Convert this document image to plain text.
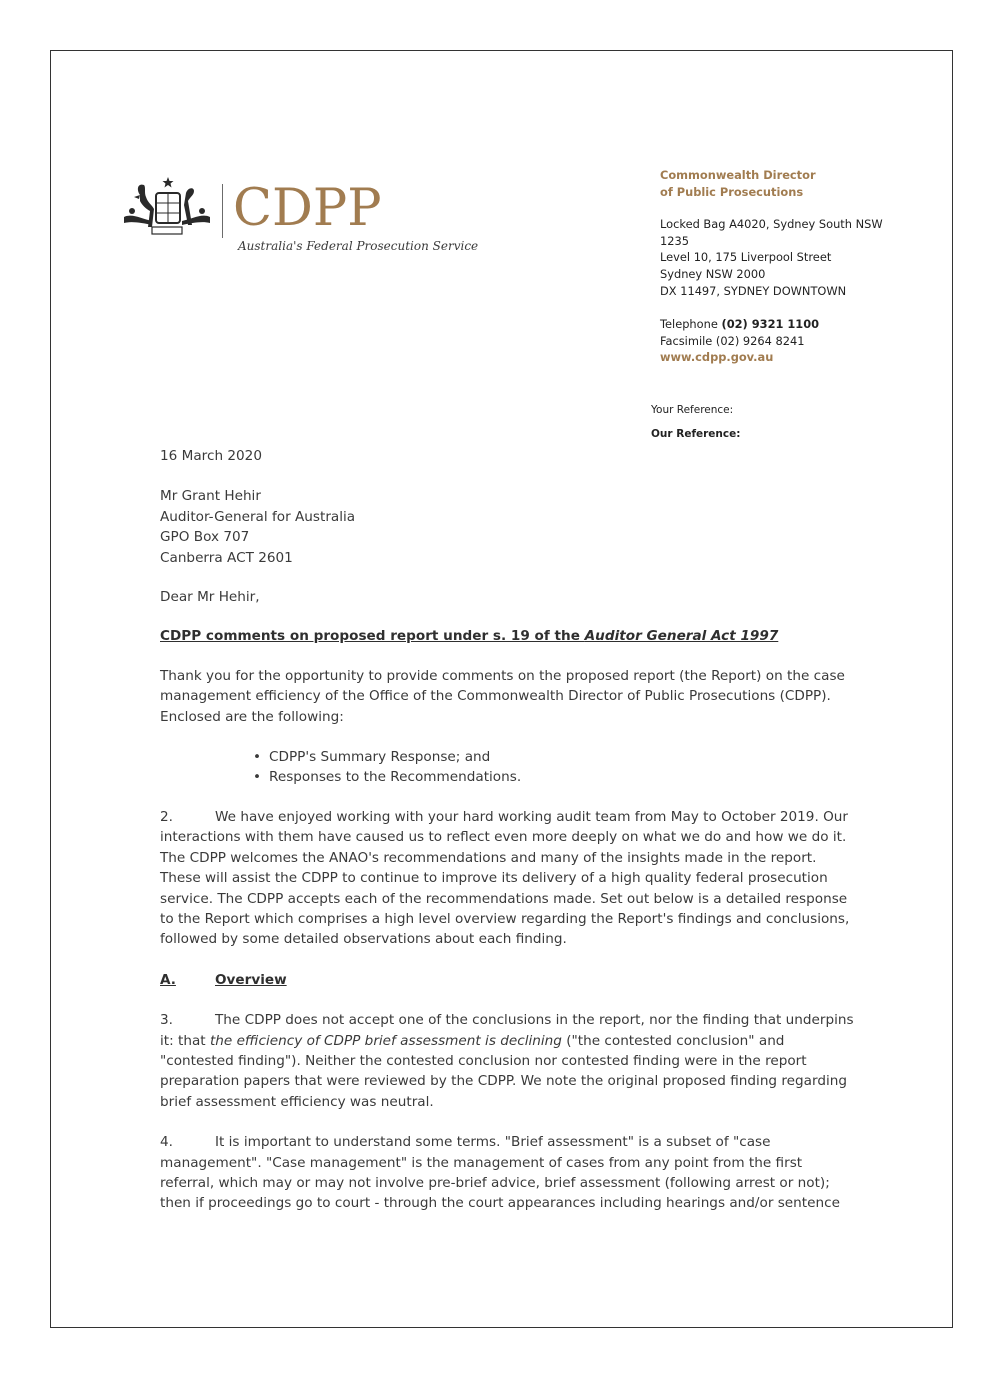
CDPP
Australia's Federal Prosecution Service

Commonwealth Director

of Public Prosecutions

Locked Bag A4020, Sydney South NSW

1235

Level 10, 175 Liverpool Street

Sydney NSW 2000

DX 11497, SYDNEY DOWNTOWN

Telephone (02) 9321 1100

Facsimile (02) 9264 8241

www.cdpp.gov.au

Your Reference:
Our Reference:

16 March 2020

Mr Grant Hehir

Auditor-General for Australia

GPO Box 707

Canberra ACT 2601

Dear Mr Hehir,

CDPP comments on proposed report under s. 19 of the Auditor General Act 1997

Thank you for the opportunity to provide comments on the proposed report (the Report) on the case management efficiency of the Office of the Commonwealth Director of Public Prosecutions (CDPP). Enclosed are the following:

• CDPP's Summary Response; and
• Responses to the Recommendations.

2.	We have enjoyed working with your hard working audit team from May to October 2019. Our interactions with them have caused us to reflect even more deeply on what we do and how we do it. The CDPP welcomes the ANAO's recommendations and many of the insights made in the report. These will assist the CDPP to continue to improve its delivery of a high quality federal prosecution service. The CDPP accepts each of the recommendations made. Set out below is a detailed response to the Report which comprises a high level overview regarding the Report's findings and conclusions, followed by some detailed observations about each finding.

A.	Overview

3.	The CDPP does not accept one of the conclusions in the report, nor the finding that underpins it: that the efficiency of CDPP brief assessment is declining ("the contested conclusion" and "contested finding"). Neither the contested conclusion nor contested finding were in the report preparation papers that were reviewed by the CDPP. We note the original proposed finding regarding brief assessment efficiency was neutral.

4.	It is important to understand some terms. "Brief assessment" is a subset of "case management". "Case management" is the management of cases from any point from the first referral, which may or may not involve pre-brief advice, brief assessment (following arrest or not); then if proceedings go to court - through the court appearances including hearings and/or sentence
